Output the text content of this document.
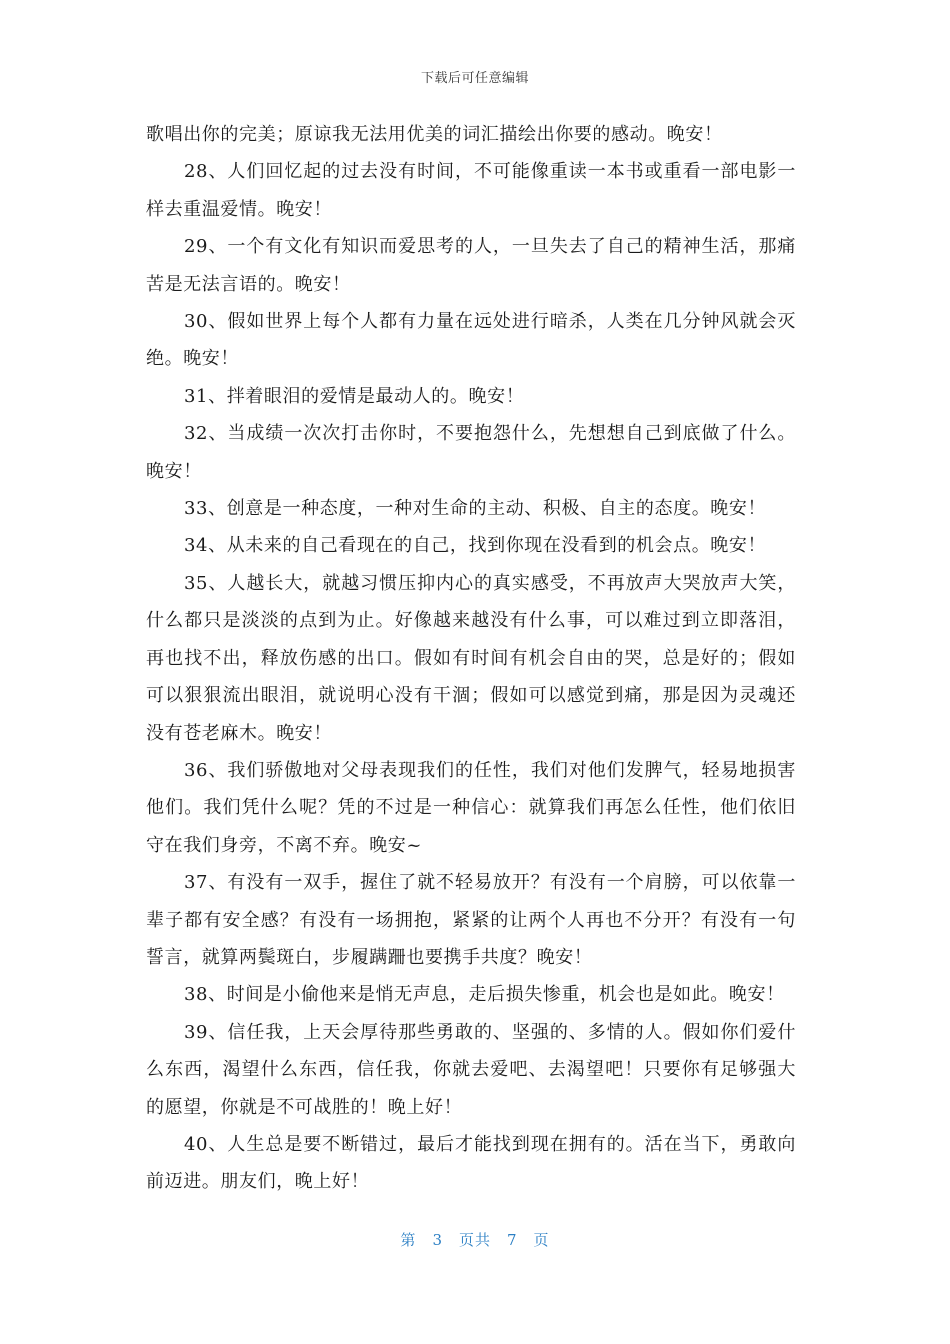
下载后可任意编辑

歌唱出你的完美；原谅我无法用优美的词汇描绘出你要的感动。晚安！

28、人们回忆起的过去没有时间，不可能像重读一本书或重看一部电影一样去重温爱情。晚安！

29、一个有文化有知识而爱思考的人，一旦失去了自己的精神生活，那痛苦是无法言语的。晚安！

30、假如世界上每个人都有力量在远处进行暗杀，人类在几分钟风就会灭绝。晚安！

31、拌着眼泪的爱情是最动人的。晚安！

32、当成绩一次次打击你时，不要抱怨什么，先想想自己到底做了什么。晚安！

33、创意是一种态度，一种对生命的主动、积极、自主的态度。晚安！

34、从未来的自己看现在的自己，找到你现在没看到的机会点。晚安！

35、人越长大，就越习惯压抑内心的真实感受，不再放声大哭放声大笑，什么都只是淡淡的点到为止。好像越来越没有什么事，可以难过到立即落泪，再也找不出，释放伤感的出口。假如有时间有机会自由的哭，总是好的；假如可以狠狠流出眼泪，就说明心没有干涸；假如可以感觉到痛，那是因为灵魂还没有苍老麻木。晚安！

36、我们骄傲地对父母表现我们的任性，我们对他们发脾气，轻易地损害他们。我们凭什么呢？凭的不过是一种信心：就算我们再怎么任性，他们依旧守在我们身旁，不离不弃。晚安~

37、有没有一双手，握住了就不轻易放开？有没有一个肩膀，可以依靠一辈子都有安全感？有没有一场拥抱，紧紧的让两个人再也不分开？有没有一句誓言，就算两鬓斑白，步履蹒跚也要携手共度？晚安！

38、时间是小偷他来是悄无声息，走后损失惨重，机会也是如此。晚安！

39、信任我，上天会厚待那些勇敢的、坚强的、多情的人。假如你们爱什么东西，渴望什么东西，信任我，你就去爱吧、去渴望吧！只要你有足够强大的愿望，你就是不可战胜的！晚上好！

40、人生总是要不断错过，最后才能找到现在拥有的。活在当下，勇敢向前迈进。朋友们，晚上好！

第 3 页共 7 页
